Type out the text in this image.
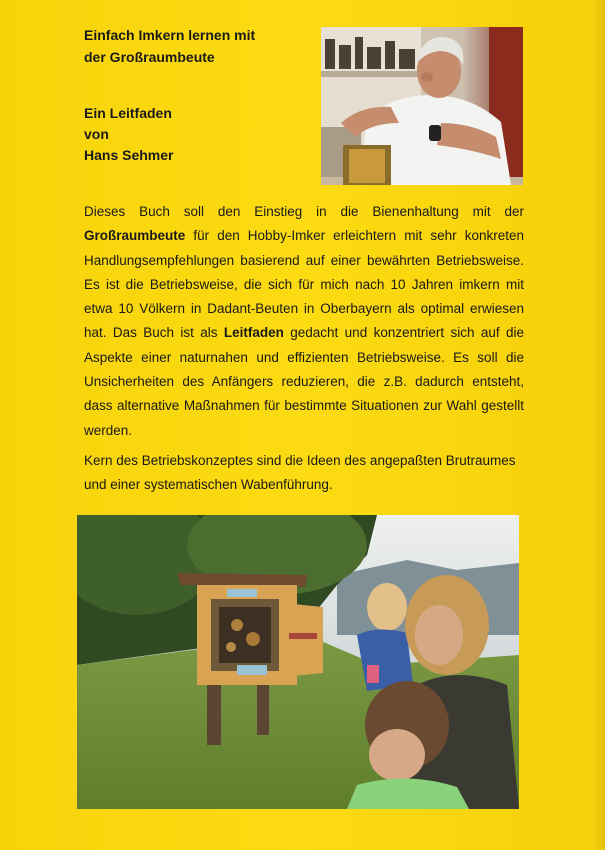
Einfach Imkern lernen mit
der Großraumbeute
Ein Leitfaden
von
Hans Sehmer

Dieses Buch soll den Einstieg in die Bienenhaltung mit der Großraumbeute für den Hobby-Imker erleichtern mit sehr konkreten Handlungsempfehlungen basierend auf einer bewährten Betriebsweise. Es ist die Betriebsweise, die sich für mich nach 10 Jahren imkern mit etwa 10 Völkern in Dadant-Beuten in Oberbayern als optimal erwiesen hat. Das Buch ist als Leitfaden gedacht und konzentriert sich auf die Aspekte einer naturnahen und effizienten Betriebsweise. Es soll die Unsicherheiten des Anfängers reduzieren, die z.B. dadurch entsteht, dass alternative Maßnahmen für bestimmte Situationen zur Wahl gestellt werden.

Kern des Betriebskonzeptes sind die Ideen des angepaßten Brutraumes und einer systematischen Wabenführung.
